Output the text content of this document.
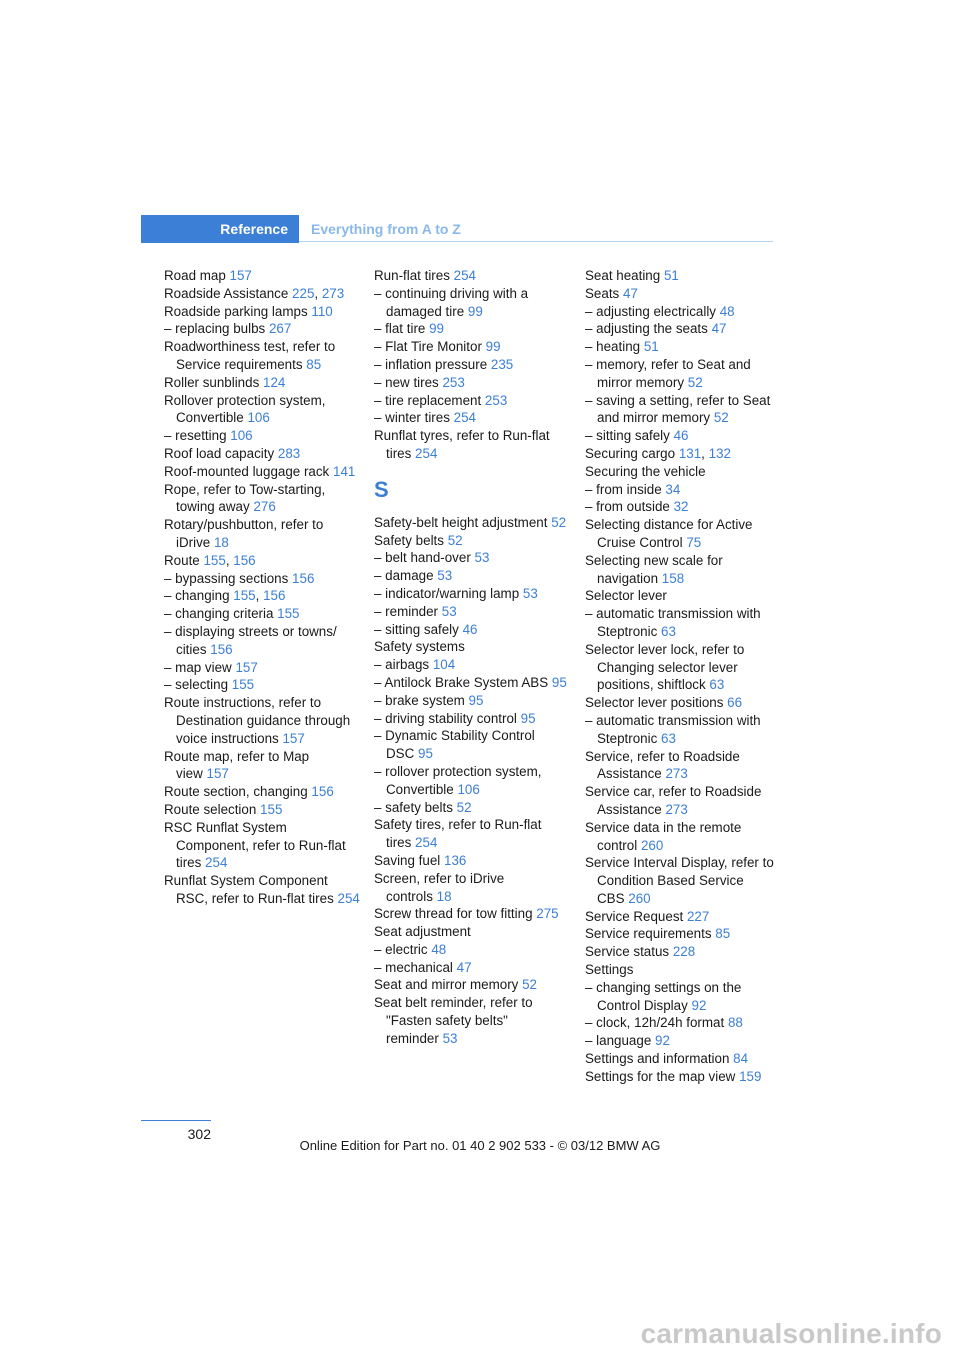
Reference	Everything from A to Z

Road map 157

Roadside Assistance 225, 273

Roadside parking lamps 110

– replacing bulbs 267

Roadworthiness test, refer to Service requirements 85

Roller sunblinds 124

Rollover protection system, Convertible 106

– resetting 106

Roof load capacity 283

Roof-mounted luggage rack 141

Rope, refer to Tow-starting, towing away 276

Rotary/pushbutton, refer to iDrive 18

Route 155, 156

– bypassing sections 156

– changing 155, 156

– changing criteria 155

– displaying streets or towns/ cities 156

– map view 157

– selecting 155

Route instructions, refer to Destination guidance through voice instructions 157

Route map, refer to Map view 157

Route section, changing 156

Route selection 155

RSC Runflat System Component, refer to Run-flat tires 254

Runflat System Component RSC, refer to Run-flat tires 254

Run-flat tires 254

– continuing driving with a damaged tire 99

– flat tire 99

– Flat Tire Monitor 99

– inflation pressure 235

– new tires 253

– tire replacement 253

– winter tires 254

Runflat tyres, refer to Run-flat tires 254

S

Safety-belt height adjustment 52

Safety belts 52

– belt hand-over 53

– damage 53

– indicator/warning lamp 53

– reminder 53

– sitting safely 46

Safety systems

– airbags 104

– Antilock Brake System ABS 95

– brake system 95

– driving stability control 95

– Dynamic Stability Control DSC 95

– rollover protection system, Convertible 106

– safety belts 52

Safety tires, refer to Run-flat tires 254

Saving fuel 136

Screen, refer to iDrive controls 18

Screw thread for tow fitting 275

Seat adjustment

– electric 48

– mechanical 47

Seat and mirror memory 52

Seat belt reminder, refer to "Fasten safety belts" reminder 53

Seat heating 51

Seats 47

– adjusting electrically 48

– adjusting the seats 47

– heating 51

– memory, refer to Seat and mirror memory 52

– saving a setting, refer to Seat and mirror memory 52

– sitting safely 46

Securing cargo 131, 132

Securing the vehicle

– from inside 34

– from outside 32

Selecting distance for Active Cruise Control 75

Selecting new scale for navigation 158

Selector lever

– automatic transmission with Steptronic 63

Selector lever lock, refer to Changing selector lever positions, shiftlock 63

Selector lever positions 66

– automatic transmission with Steptronic 63

Service, refer to Roadside Assistance 273

Service car, refer to Roadside Assistance 273

Service data in the remote control 260

Service Interval Display, refer to Condition Based Service CBS 260

Service Request 227

Service requirements 85

Service status 228

Settings

– changing settings on the Control Display 92

– clock, 12h/24h format 88

– language 92

Settings and information 84

Settings for the map view 159

302
Online Edition for Part no. 01 40 2 902 533 - © 03/12 BMW AG
carmanualsonline.info
